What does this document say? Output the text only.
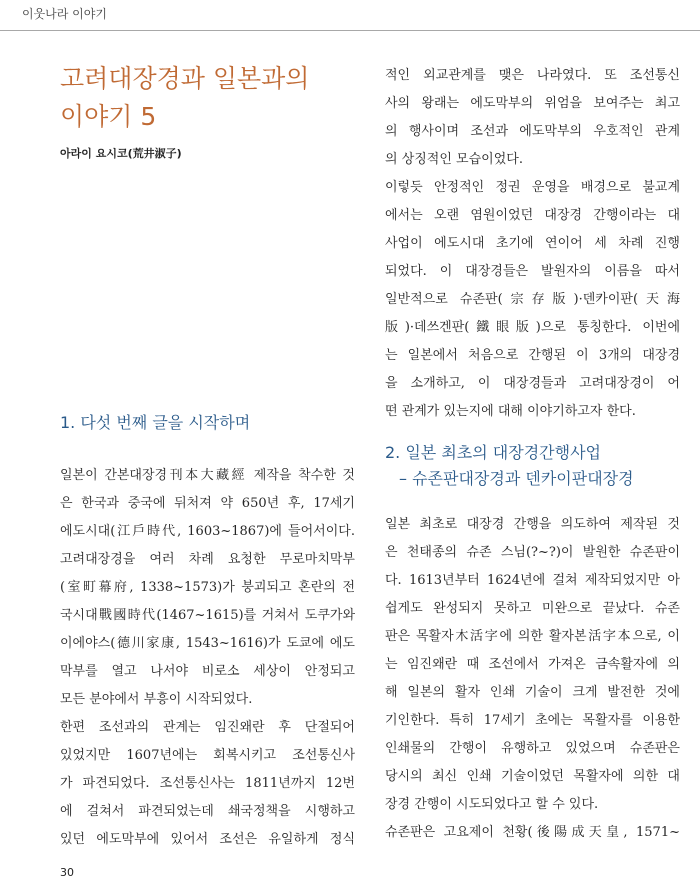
이웃나라 이야기
고려대장경과 일본과의
이야기 5
아라이 요시코(荒井淑子)
1. 다섯 번째 글을 시작하며
일본이 간본대장경刊本大藏經 제작을 착수한 것
은 한국과 중국에 뒤처져 약 650년 후, 17세기
에도시대(江戶時代, 1603~1867)에 들어서이다.
고려대장경을 여러 차례 요청한 무로마치막부
(室町幕府, 1338~1573)가 붕괴되고 혼란의 전
국시대戰國時代(1467~1615)를 거쳐서 도쿠가와
이에야스(德川家康, 1543~1616)가 도쿄에 에도
막부를 열고 나서야 비로소 세상이 안정되고
모든 분야에서 부흥이 시작되었다.
한편 조선과의 관계는 임진왜란 후 단절되어
있었지만 1607년에는 회복시키고 조선통신사
가 파견되었다. 조선통신사는 1811년까지 12번
에 걸쳐서 파견되었는데 쇄국정책을 시행하고
있던 에도막부에 있어서 조선은 유일하게 정식
적인 외교관계를 맺은 나라였다. 또 조선통신
사의 왕래는 에도막부의 위엄을 보여주는 최고
의 행사이며 조선과 에도막부의 우호적인 관계
의 상징적인 모습이었다.
이렇듯 안정적인 정권 운영을 배경으로 불교계
에서는 오랜 염원이었던 대장경 간행이라는 대
사업이 에도시대 초기에 연이어 세 차례 진행
되었다. 이 대장경들은 발원자의 이름을 따서
일반적으로 슈존판(宗存版)·덴카이판(天海
版)·데쓰겐판(鐵眼版)으로 통칭한다. 이번에
는 일본에서 처음으로 간행된 이 3개의 대장경
을 소개하고, 이 대장경들과 고려대장경이 어
떤 관계가 있는지에 대해 이야기하고자 한다.
2. 일본 최초의 대장경간행사업
– 슈존판대장경과 덴카이판대장경
일본 최초로 대장경 간행을 의도하여 제작된 것
은 천태종의 슈존 스님(?~?)이 발원한 슈존판이
다. 1613년부터 1624년에 걸쳐 제작되었지만 아
쉽게도 완성되지 못하고 미완으로 끝났다. 슈존
판은 목활자木活字에 의한 활자본活字本으로, 이
는 임진왜란 때 조선에서 가져온 금속활자에 의
해 일본의 활자 인쇄 기술이 크게 발전한 것에
기인한다. 특히 17세기 초에는 목활자를 이용한
인쇄물의 간행이 유행하고 있었으며 슈존판은
당시의 최신 인쇄 기술이었던 목활자에 의한 대
장경 간행이 시도되었다고 할 수 있다.
슈존판은 고요제이 천황(後陽成天皇, 1571~
30
